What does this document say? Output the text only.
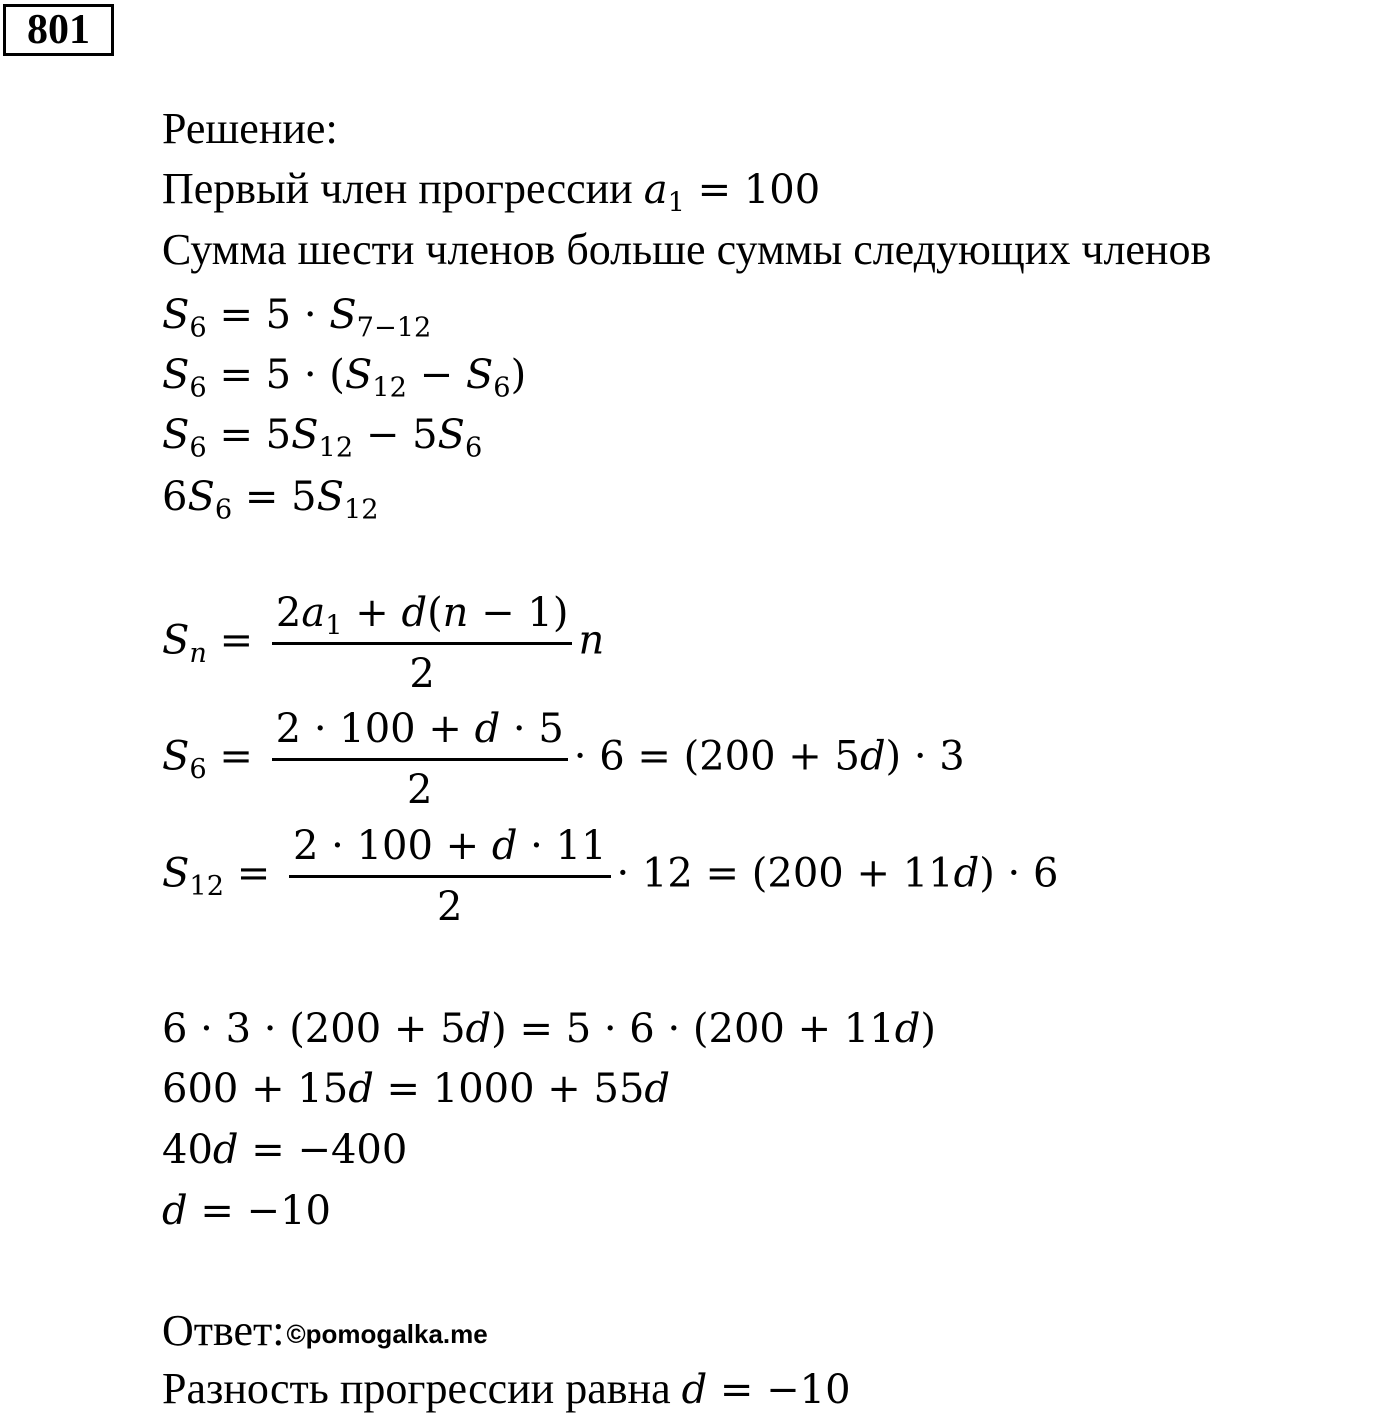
801
Решение:
Первый член прогрессии $a_1 = 100$
Сумма шести членов больше суммы следующих членов
$S_6 = 5 \cdot S_{7-12}$
$S_6 = 5 \cdot (S_{12} - S_6)$
$S_6 = 5S_{12} - 5S_6$
$6S_6 = 5S_{12}$
$S_n = \frac{2a_1 + d(n - 1)}{2}$ n
$S_6 = \frac{2 \cdot 100 + d \cdot 5}{2} \cdot 6 = (200 + 5d) \cdot 3$
$S_{12} = \frac{2 \cdot 100 + d \cdot 11}{2} \cdot 12 = (200 + 11d) \cdot 6$
6 · 3 · (200 + 5d) = 5 · 6 · (200 + 11d)
600 + 15d = 1000 + 55d
40d = −400
d = −10
Ответ:©pomogalka.me
Разность прогрессии равна d = −10
